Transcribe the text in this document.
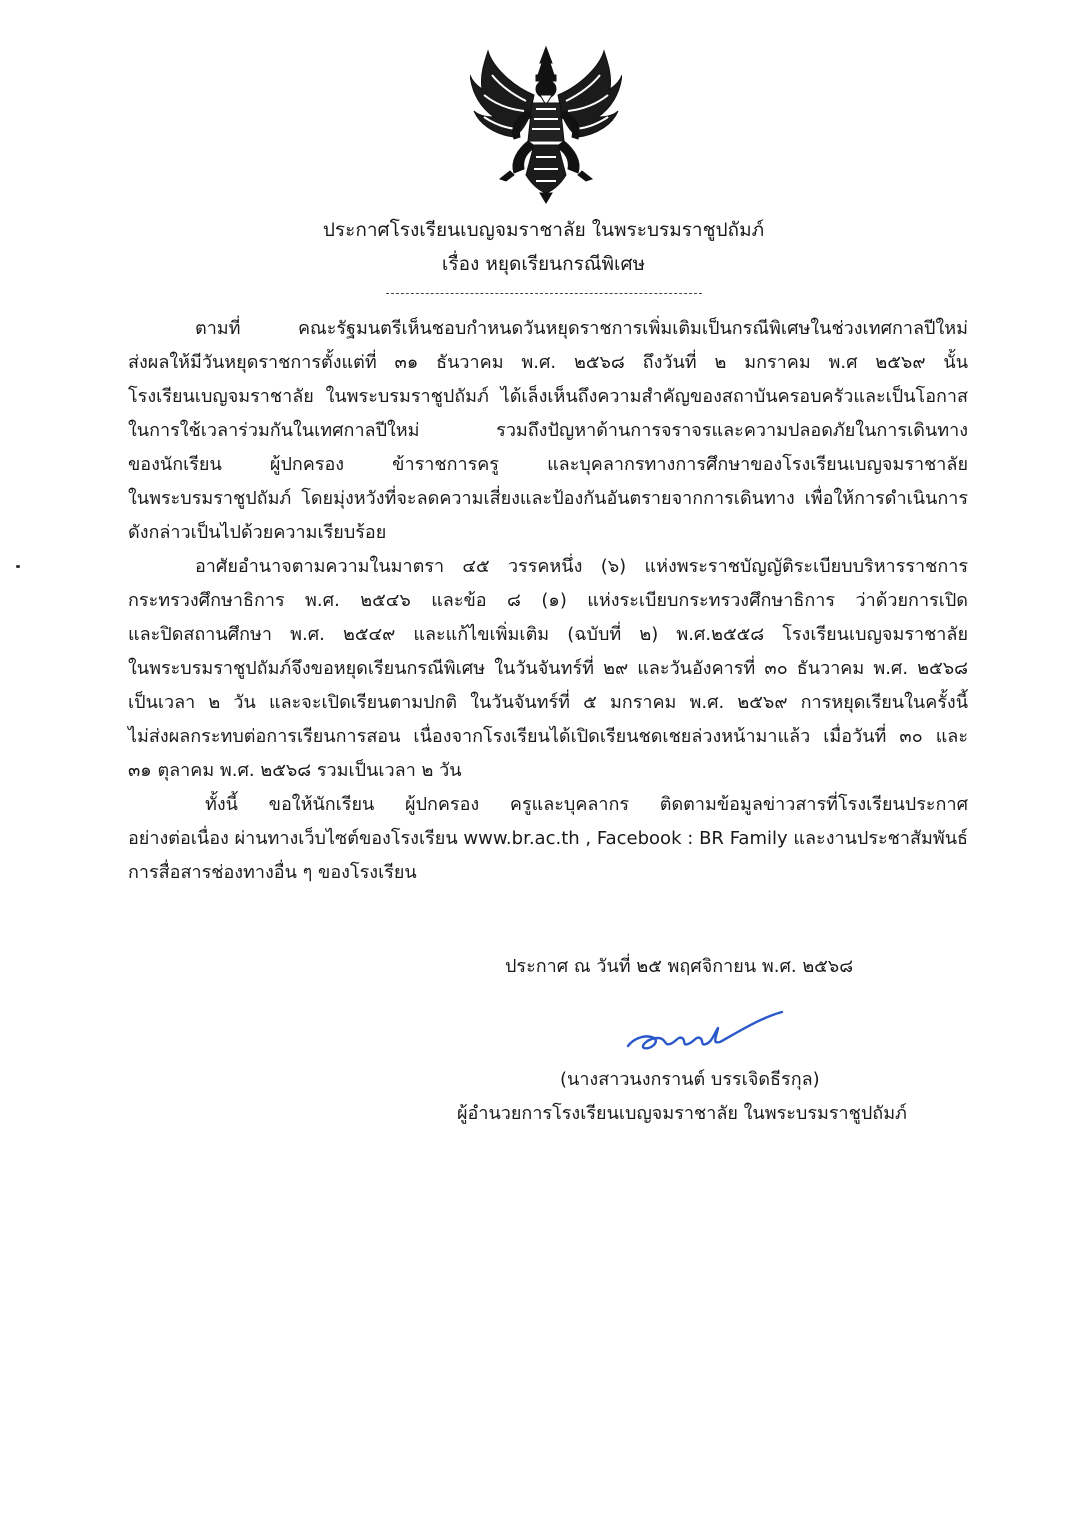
ประกาศโรงเรียนเบญจมราชาลัย ในพระบรมราชูปถัมภ์
เรื่อง หยุดเรียนกรณีพิเศษ
ตามที่ คณะรัฐมนตรีเห็นชอบกำหนดวันหยุดราชการเพิ่มเติมเป็นกรณีพิเศษในช่วงเทศกาลปีใหม่
ส่งผลให้มีวันหยุดราชการตั้งแต่ที่ ๓๑ ธันวาคม พ.ศ. ๒๕๖๘ ถึงวันที่ ๒ มกราคม พ.ศ ๒๕๖๙ นั้น
โรงเรียนเบญจมราชาลัย ในพระบรมราชูปถัมภ์ ได้เล็งเห็นถึงความสำคัญของสถาบันครอบครัวและเป็นโอกาส
ในการใช้เวลาร่วมกันในเทศกาลปีใหม่ รวมถึงปัญหาด้านการจราจรและความปลอดภัยในการเดินทาง
ของนักเรียน ผู้ปกครอง ข้าราชการครู และบุคลากรทางการศึกษาของโรงเรียนเบญจมราชาลัย
ในพระบรมราชูปถัมภ์ โดยมุ่งหวังที่จะลดความเสี่ยงและป้องกันอันตรายจากการเดินทาง เพื่อให้การดำเนินการ
ดังกล่าวเป็นไปด้วยความเรียบร้อย
อาศัยอำนาจตามความในมาตรา ๔๕ วรรคหนึ่ง (๖) แห่งพระราชบัญญัติระเบียบบริหารราชการ
กระทรวงศึกษาธิการ พ.ศ. ๒๕๔๖ และข้อ ๘ (๑) แห่งระเบียบกระทรวงศึกษาธิการ ว่าด้วยการเปิด
และปิดสถานศึกษา พ.ศ. ๒๕๔๙ และแก้ไขเพิ่มเติม (ฉบับที่ ๒) พ.ศ.๒๕๕๘ โรงเรียนเบญจมราชาลัย
ในพระบรมราชูปถัมภ์จึงขอหยุดเรียนกรณีพิเศษ ในวันจันทร์ที่ ๒๙ และวันอังคารที่ ๓๐ ธันวาคม พ.ศ. ๒๕๖๘
เป็นเวลา ๒ วัน และจะเปิดเรียนตามปกติ ในวันจันทร์ที่ ๕ มกราคม พ.ศ. ๒๕๖๙ การหยุดเรียนในครั้งนี้
ไม่ส่งผลกระทบต่อการเรียนการสอน เนื่องจากโรงเรียนได้เปิดเรียนชดเชยล่วงหน้ามาแล้ว เมื่อวันที่ ๓๐ และ
๓๑ ตุลาคม พ.ศ. ๒๕๖๘ รวมเป็นเวลา ๒ วัน
ทั้งนี้ ขอให้นักเรียน ผู้ปกครอง ครูและบุคลากร ติดตามข้อมูลข่าวสารที่โรงเรียนประกาศ
อย่างต่อเนื่อง ผ่านทางเว็บไซต์ของโรงเรียน www.br.ac.th , Facebook : BR Family และงานประชาสัมพันธ์
การสื่อสารช่องทางอื่น ๆ ของโรงเรียน
ประกาศ ณ วันที่ ๒๕ พฤศจิกายน พ.ศ. ๒๕๖๘
(นางสาวนงกรานต์ บรรเจิดธีรกุล)
ผู้อำนวยการโรงเรียนเบญจมราชาลัย ในพระบรมราชูปถัมภ์
